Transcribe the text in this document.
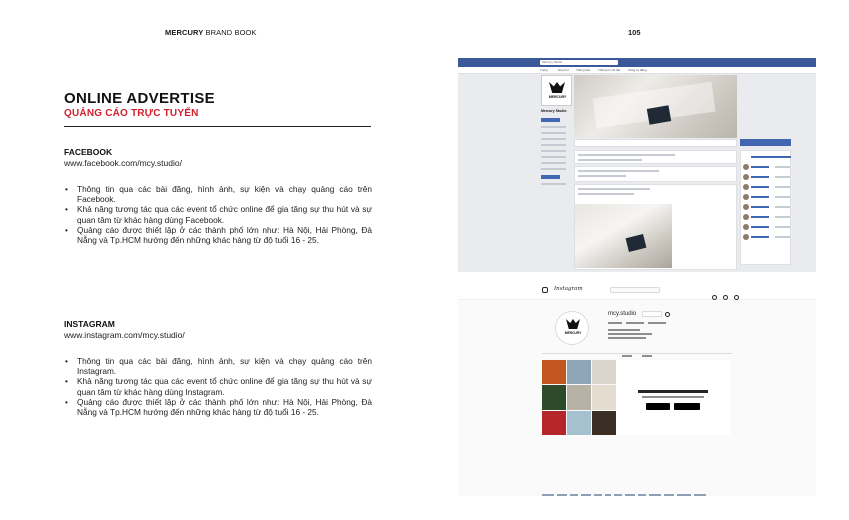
MERCURY BRAND BOOK	105
ONLINE ADVERTISE
QUẢNG CÁO TRỰC TUYẾN
FACEBOOK
www.facebook.com/mcy.studio/
• Thông tin qua các bài đăng, hình ảnh, sự kiện và chạy quảng cáo trên Facebook.
• Khả năng tương tác qua các event tổ chức online để gia tăng sự thu hút và sự quan tâm từ khác hàng dùng Facebook.
• Quảng cáo được thiết lập ở các thành phố lớn như: Hà Nội, Hải Phòng, Đà Nẵng và Tp.HCM hướng đến những khác hàng từ độ tuổi 16 - 25.
INSTAGRAM
www.instagram.com/mcy.studio/
• Thông tin qua các bài đăng, hình ảnh, sự kiện và chạy quảng cáo trên Instagram.
• Khả năng tương tác qua các event tổ chức online để gia tăng sự thu hút và sự quan tâm từ khác hàng dùng Instagram.
• Quảng cáo được thiết lập ở các thành phố lớn như: Hà Nội, Hải Phòng, Đà Nẵng và Tp.HCM hướng đến những khác hàng từ độ tuổi 16 - 25.
Mercury Studio
Trang	Hộp thư Thông báo	Thông tin chi tiết	Công cụ đăng
MERCURY
Mercury Studio
Instagram
MERCURY
mcy.studio
